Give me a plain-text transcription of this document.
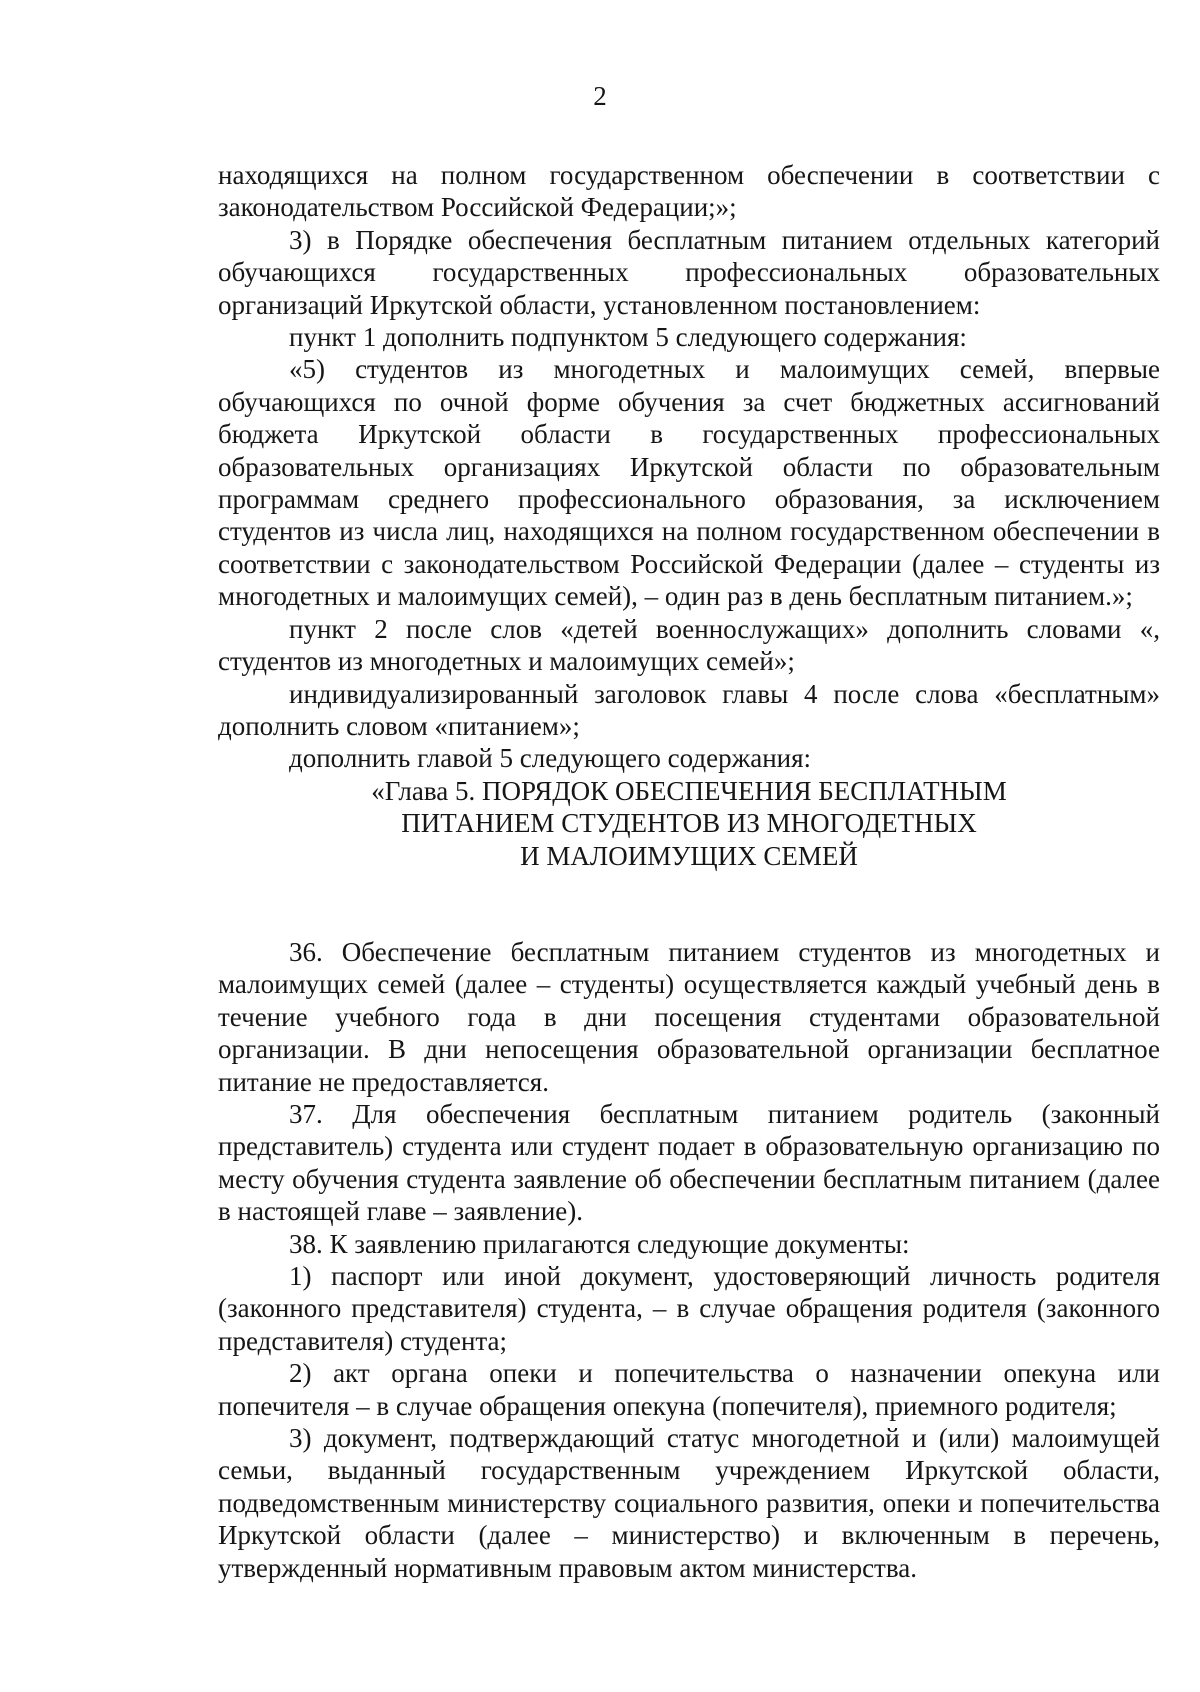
2

находящихся на полном государственном обеспечении в соответствии с законодательством Российской Федерации;»;

3) в Порядке обеспечения бесплатным питанием отдельных категорий обучающихся государственных профессиональных образовательных организаций Иркутской области, установленном постановлением:

пункт 1 дополнить подпунктом 5 следующего содержания:

«5) студентов из многодетных и малоимущих семей, впервые обучающихся по очной форме обучения за счет бюджетных ассигнований бюджета Иркутской области в государственных профессиональных образовательных организациях Иркутской области по образовательным программам среднего профессионального образования, за исключением студентов из числа лиц, находящихся на полном государственном обеспечении в соответствии с законодательством Российской Федерации (далее – студенты из многодетных и малоимущих семей), – один раз в день бесплатным питанием.»;

пункт 2 после слов «детей военнослужащих» дополнить словами «, студентов из многодетных и малоимущих семей»;

индивидуализированный заголовок главы 4 после слова «бесплатным» дополнить словом «питанием»;

дополнить главой 5 следующего содержания:

«Глава 5. ПОРЯДОК ОБЕСПЕЧЕНИЯ БЕСПЛАТНЫМ
ПИТАНИЕМ СТУДЕНТОВ ИЗ МНОГОДЕТНЫХ
И МАЛОИМУЩИХ СЕМЕЙ

36. Обеспечение бесплатным питанием студентов из многодетных и малоимущих семей (далее – студенты) осуществляется каждый учебный день в течение учебного года в дни посещения студентами образовательной организации. В дни непосещения образовательной организации бесплатное питание не предоставляется.

37. Для обеспечения бесплатным питанием родитель (законный представитель) студента или студент подает в образовательную организацию по месту обучения студента заявление об обеспечении бесплатным питанием (далее в настоящей главе – заявление).

38. К заявлению прилагаются следующие документы:

1) паспорт или иной документ, удостоверяющий личность родителя (законного представителя) студента, – в случае обращения родителя (законного представителя) студента;

2) акт органа опеки и попечительства о назначении опекуна или попечителя – в случае обращения опекуна (попечителя), приемного родителя;

3) документ, подтверждающий статус многодетной и (или) малоимущей семьи, выданный государственным учреждением Иркутской области, подведомственным министерству социального развития, опеки и попечительства Иркутской области (далее – министерство) и включенным в перечень, утвержденный нормативным правовым актом министерства.
